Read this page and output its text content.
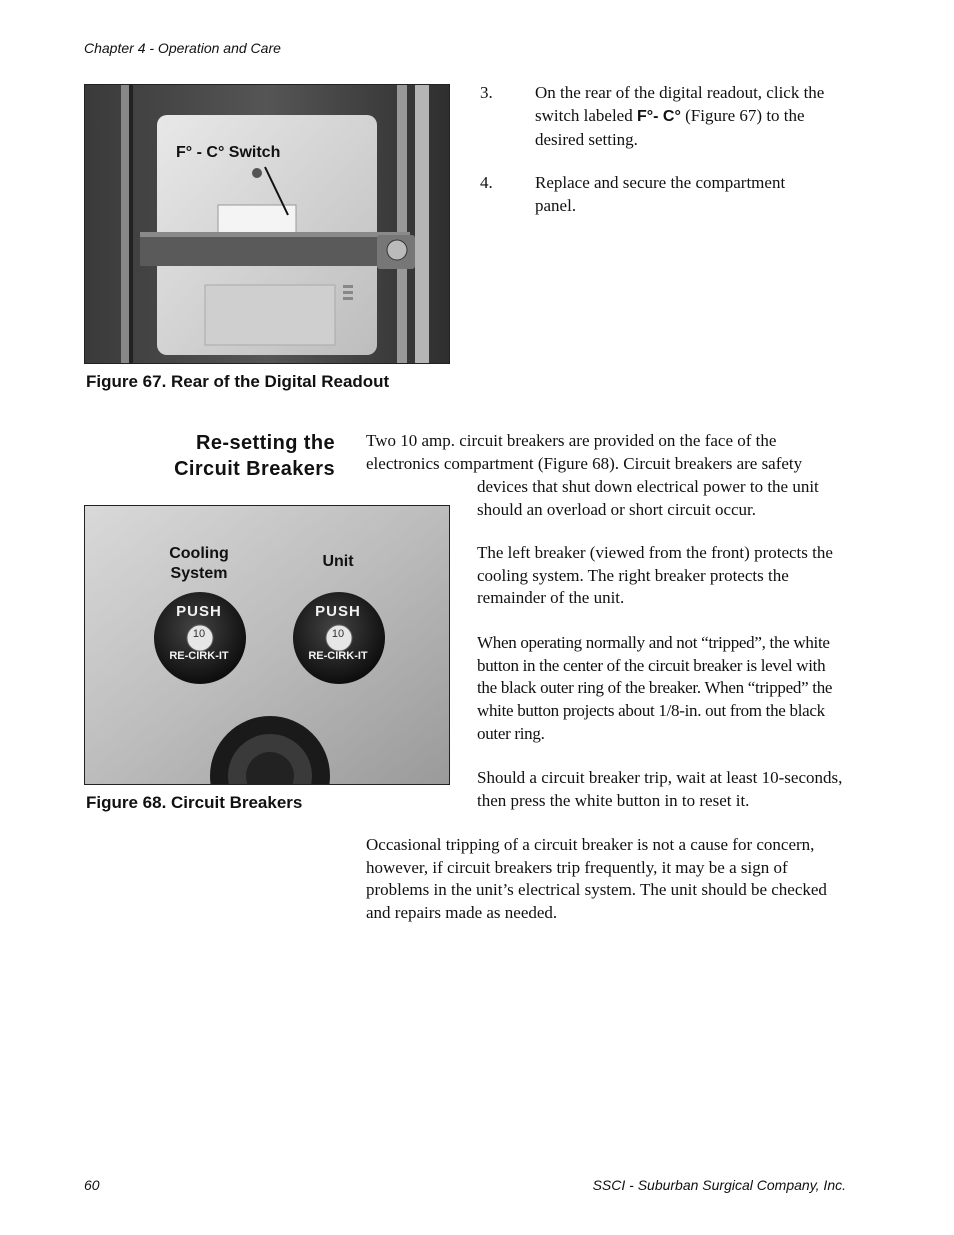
Chapter 4 - Operation and Care
F° - C° Switch
Figure 67. Rear of the Digital Readout
3. On the rear of the digital readout, click the switch labeled F°- C° (Figure 67) to the desired setting.
4. Replace and secure the compartment panel.
Re-setting the
Circuit Breakers
Two 10 amp. circuit breakers are provided on the face of the
electronics compartment (Figure 68). Circuit breakers are safety
devices that shut down electrical power to the unit should an overload or short circuit occur.
PUSH
10
RE-CIRK-IT
PUSH
10
RE-CIRK-IT
Cooling System
Unit
Figure 68. Circuit Breakers
The left breaker (viewed from the front) protects the cooling system. The right breaker protects the remainder of the unit.
When operating normally and not “tripped”, the white button in the center of the circuit breaker is level with the black outer ring of the breaker. When “tripped” the white button projects about 1/8-in. out from the black outer ring.
Should a circuit breaker trip, wait at least 10-seconds, then press the white button in to reset it.
Occasional tripping of a circuit breaker is not a cause for concern, however, if circuit breakers trip frequently, it may be a sign of problems in the unit’s electrical system. The unit should be checked and repairs made as needed.
60	SSCI - Suburban Surgical Company, Inc.
